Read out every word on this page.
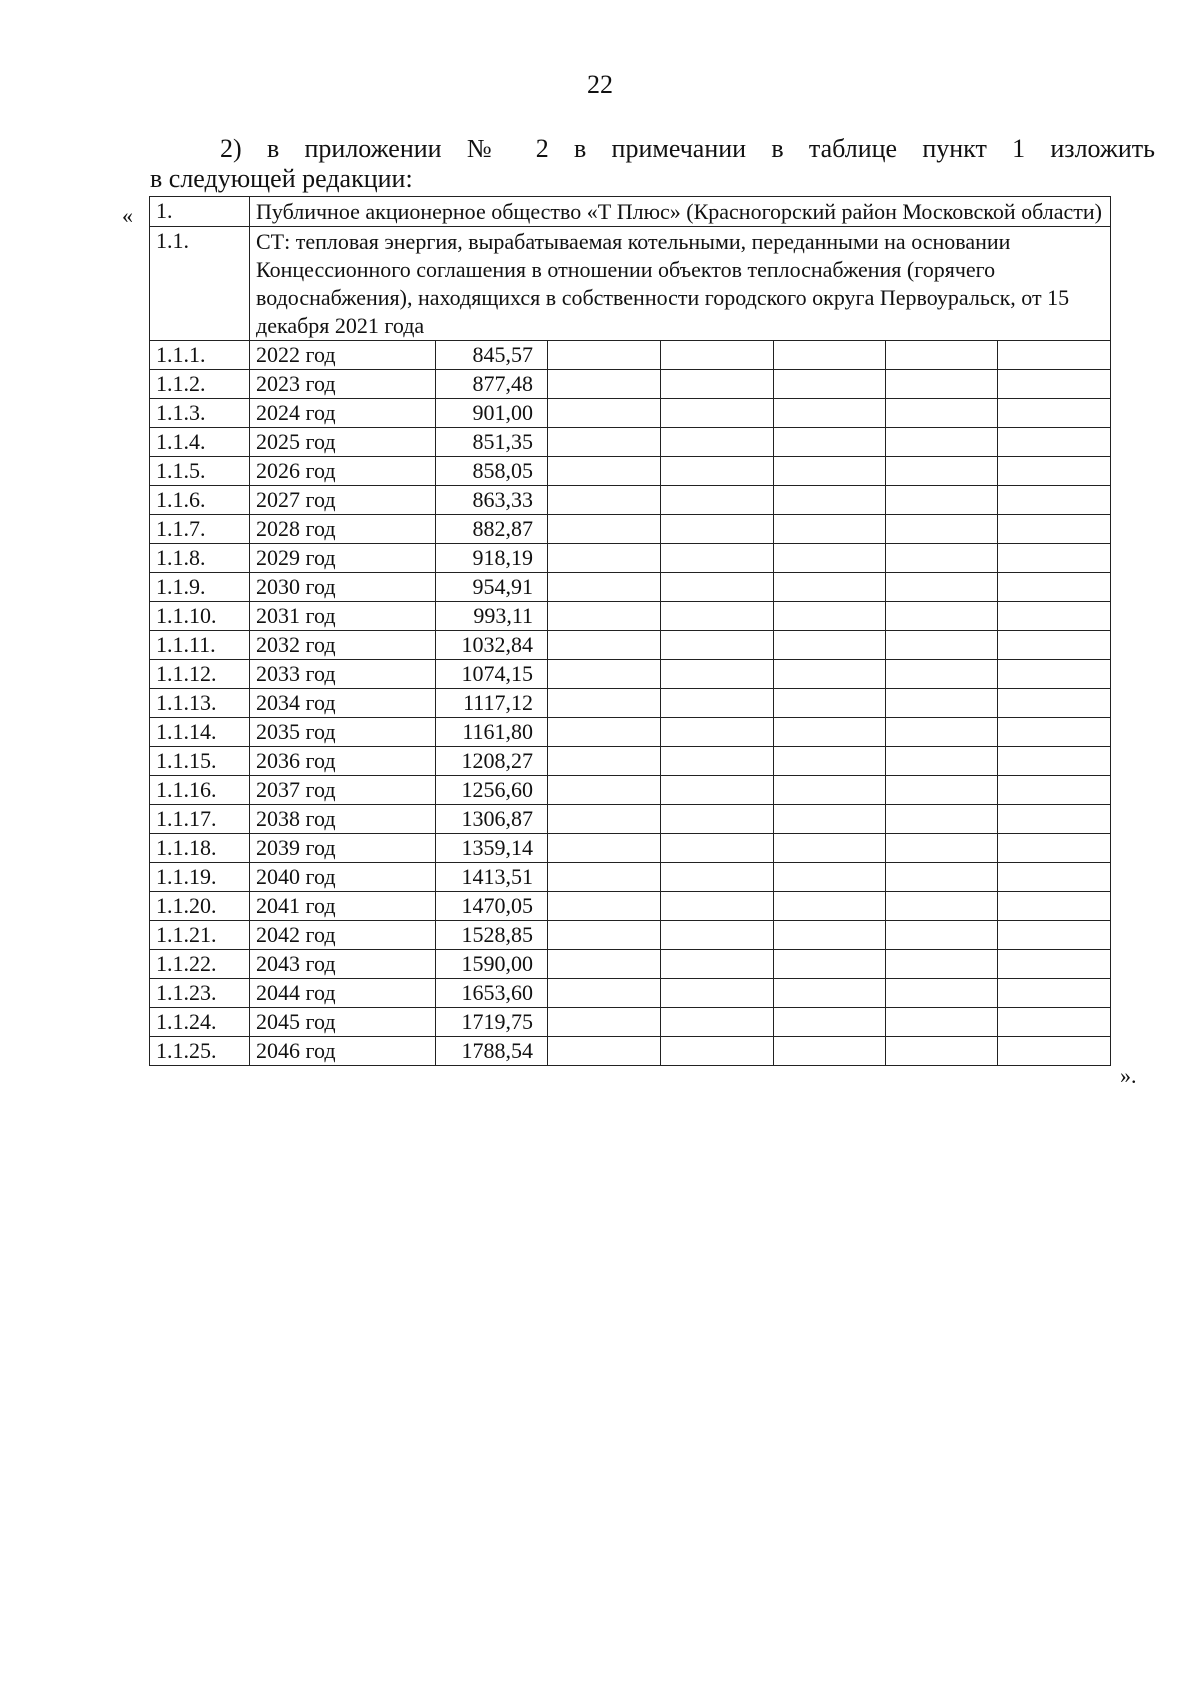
22
2) в приложении № 2 в примечании в таблице пункт 1 изложить
в следующей редакции:
« 1.	Публичное акционерное общество «Т Плюс» (Красногорский район Московской области)						
1.1.	СТ: тепловая энергия, вырабатываемая котельными, переданными на основании Концессионного соглашения в отношении объектов теплоснабжения (горячего водоснабжения), находящихся в собственности городского округа Первоуральск, от 15 декабря 2021 года						
1.1.1.	2022 год	845,57					
1.1.2.	2023 год	877,48					
1.1.3.	2024 год	901,00					
1.1.4.	2025 год	851,35					
1.1.5.	2026 год	858,05					
1.1.6.	2027 год	863,33					
1.1.7.	2028 год	882,87					
1.1.8.	2029 год	918,19					
1.1.9.	2030 год	954,91					
1.1.10.	2031 год	993,11					
1.1.11.	2032 год	1032,84					
1.1.12.	2033 год	1074,15					
1.1.13.	2034 год	1117,12					
1.1.14.	2035 год	1161,80					
1.1.15.	2036 год	1208,27					
1.1.16.	2037 год	1256,60					
1.1.17.	2038 год	1306,87					
1.1.18.	2039 год	1359,14					
1.1.19.	2040 год	1413,51					
1.1.20.	2041 год	1470,05					
1.1.21.	2042 год	1528,85					
1.1.22.	2043 год	1590,00					
1.1.23.	2044 год	1653,60					
1.1.24.	2045 год	1719,75					
1.1.25.	2046 год	1788,54					
».
